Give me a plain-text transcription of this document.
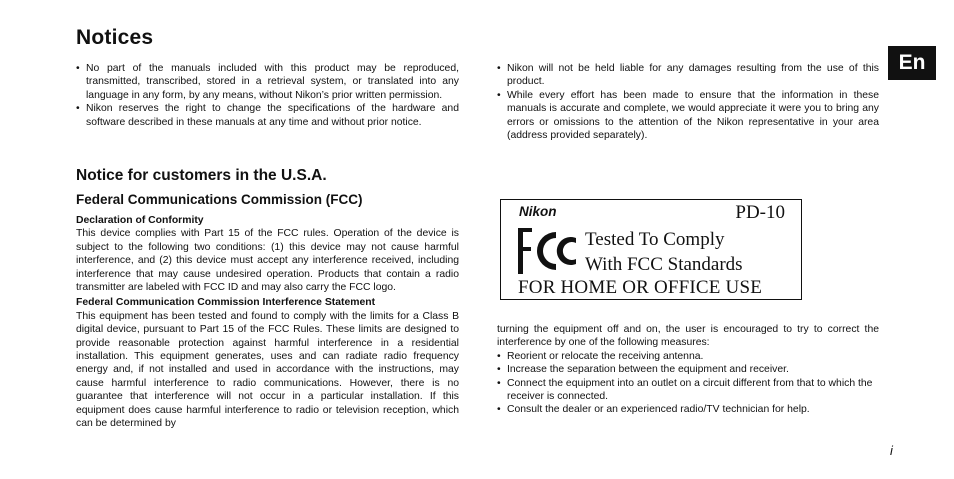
Notices
En
• No part of the manuals included with this product may be reproduced, transmitted, transcribed, stored in a retrieval system, or translated into any language in any form, by any means, without Nikon’s prior written permission.
• Nikon reserves the right to change the specifications of the hardware and software described in these manuals at any time and without prior notice.
• Nikon will not be held liable for any damages resulting from the use of this product.
• While every effort has been made to ensure that the information in these manuals is accurate and complete, we would appreciate it were you to bring any errors or omissions to the attention of the Nikon representative in your area (address provided separately).
Notice for customers in the U.S.A.
Federal Communications Commission (FCC)
Declaration of Conformity
This device complies with Part 15 of the FCC rules. Operation of the device is subject to the following two conditions: (1) this device may not cause harmful interference, and (2) this device must accept any interference received, including interference that may cause undesired operation. Products that contain a radio transmitter are labeled with FCC ID and may also carry the FCC logo.
Federal Communication Commission Interference Statement
This equipment has been tested and found to comply with the limits for a Class B digital device, pursuant to Part 15 of the FCC Rules. These limits are designed to provide reasonable protection against harmful interference in a residential installation. This equipment generates, uses and can radiate radio frequency energy and, if not installed and used in accordance with the instructions, may cause harmful interference to radio communications. However, there is no guarantee that interference will not occur in a particular installation. If this equipment does cause harmful interference to radio or television reception, which can be determined by
Nikon	PD-10
Tested To Comply
With FCC Standards
FOR HOME OR OFFICE USE
turning the equipment off and on, the user is encouraged to try to correct the interference by one of the following measures:
• Reorient or relocate the receiving antenna.
• Increase the separation between the equipment and receiver.
• Connect the equipment into an outlet on a circuit different from that to which the receiver is connected.
• Consult the dealer or an experienced radio/TV technician for help.
i
